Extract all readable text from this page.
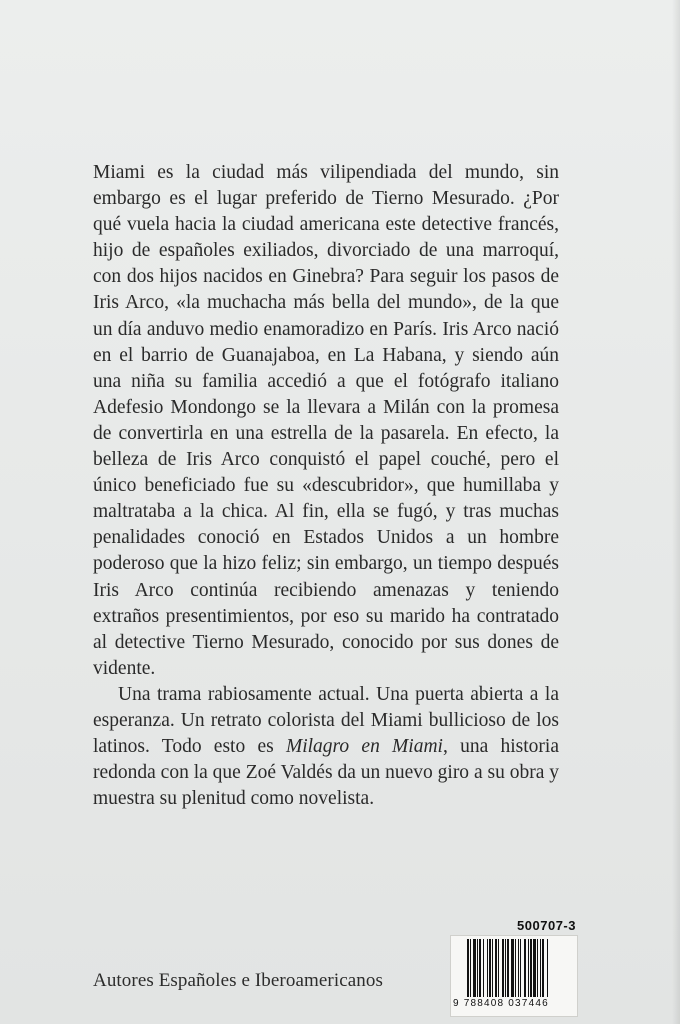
Miami es la ciudad más vilipendiada del mundo, sin embargo es el lugar preferido de Tierno Mesurado. ¿Por qué vuela hacia la ciudad americana este detective francés, hijo de españoles exiliados, divorciado de una marroquí, con dos hijos nacidos en Ginebra? Para seguir los pasos de Iris Arco, «la muchacha más bella del mundo», de la que un día anduvo medio enamoradizo en París. Iris Arco nació en el barrio de Guanajaboa, en La Habana, y siendo aún una niña su familia accedió a que el fotógrafo italiano Adefesio Mondongo se la llevara a Milán con la promesa de convertirla en una estrella de la pasarela. En efecto, la belleza de Iris Arco conquistó el papel couché, pero el único beneficiado fue su «descubridor», que humillaba y maltrataba a la chica. Al fin, ella se fugó, y tras muchas penalidades conoció en Estados Unidos a un hombre poderoso que la hizo feliz; sin embargo, un tiempo después Iris Arco continúa recibiendo amenazas y teniendo extraños presentimientos, por eso su marido ha contratado al detective Tierno Mesurado, conocido por sus dones de vidente.

Una trama rabiosamente actual. Una puerta abierta a la esperanza. Un retrato colorista del Miami bullicioso de los latinos. Todo esto es Milagro en Miami, una historia redonda con la que Zoé Valdés da un nuevo giro a su obra y muestra su plenitud como novelista.

Autores Españoles e Iberoamericanos
500707-3
9 788408 037446
